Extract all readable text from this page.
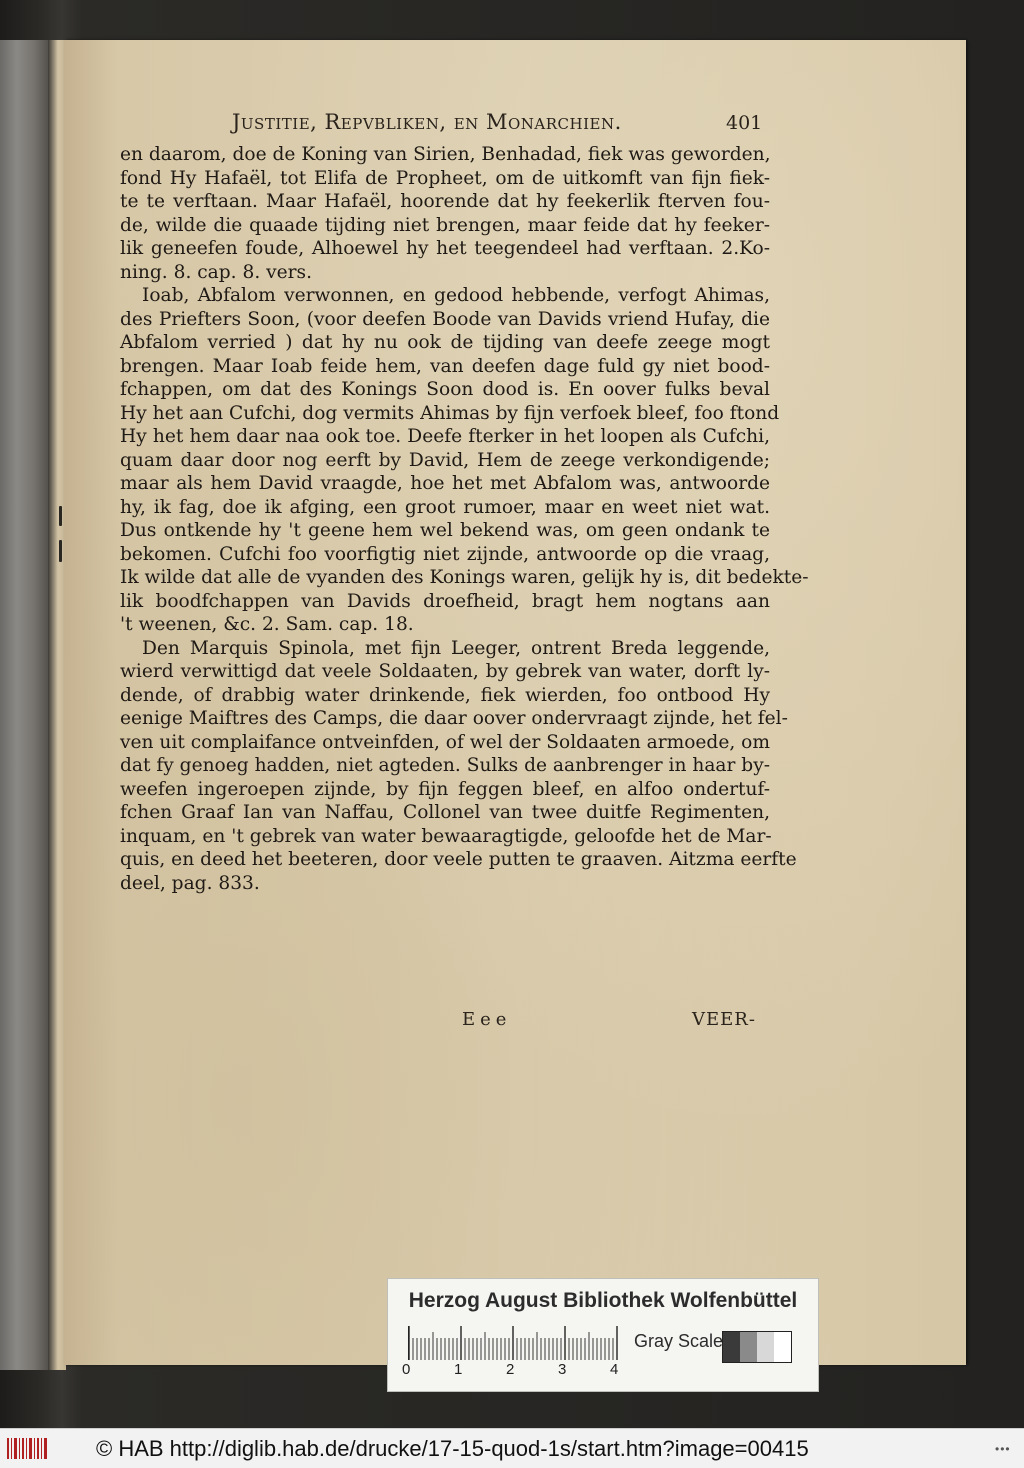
Justitie, Repvbliken, en Monarchien.	401
en daarom, doe de Koning van Sirien, Benhadad, fiek was geworden,
fond Hy Hafaël, tot Elifa de Propheet, om de uitkomft van fijn fiek-
te te verftaan. Maar Hafaël, hoorende dat hy feekerlik fterven fou-
de, wilde die quaade tijding niet brengen, maar feide dat hy feeker-
lik geneefen foude, Alhoewel hy het teegendeel had verftaan. 2.Ko-
ning. 8. cap. 8. vers.
Ioab, Abfalom verwonnen, en gedood hebbende, verfogt Ahimas,
des Priefters Soon, (voor deefen Boode van Davids vriend Hufay, die
Abfalom verried ) dat hy nu ook de tijding van deefe zeege mogt
brengen. Maar Ioab feide hem, van deefen dage fuld gy niet bood-
fchappen, om dat des Konings Soon dood is. En oover fulks beval
Hy het aan Cufchi, dog vermits Ahimas by fijn verfoek bleef, foo ftond
Hy het hem daar naa ook toe. Deefe fterker in het loopen als Cufchi,
quam daar door nog eerft by David, Hem de zeege verkondigende;
maar als hem David vraagde, hoe het met Abfalom was, antwoorde
hy, ik fag, doe ik afging, een groot rumoer, maar en weet niet wat.
Dus ontkende hy 't geene hem wel bekend was, om geen ondank te
bekomen. Cufchi foo voorfigtig niet zijnde, antwoorde op die vraag,
Ik wilde dat alle de vyanden des Konings waren, gelijk hy is, dit bedekte-
lik boodfchappen van Davids droefheid, bragt hem nogtans aan
't weenen, &c. 2. Sam. cap. 18.
Den Marquis Spinola, met fijn Leeger, ontrent Breda leggende,
wierd verwittigd dat veele Soldaaten, by gebrek van water, dorft ly-
dende, of drabbig water drinkende, fiek wierden, foo ontbood Hy
eenige Maiftres des Camps, die daar oover ondervraagt zijnde, het fel-
ven uit complaifance ontveinfden, of wel der Soldaaten armoede, om
dat fy genoeg hadden, niet agteden. Sulks de aanbrenger in haar by-
weefen ingeroepen zijnde, by fijn feggen bleef, en alfoo ondertuf-
fchen Graaf Ian van Naffau, Collonel van twee duitfe Regimenten,
inquam, en 't gebrek van water bewaaragtigde, geloofde het de Mar-
quis, en deed het beeteren, door veele putten te graaven. Aitzma eerfte
deel, pag. 833.
Eee	VEER-
Herzog August Bibliothek Wolfenbüttel
0	1	2	3	4
Gray Scale
© HAB http://diglib.hab.de/drucke/17-15-quod-1s/start.htm?image=00415	•••
